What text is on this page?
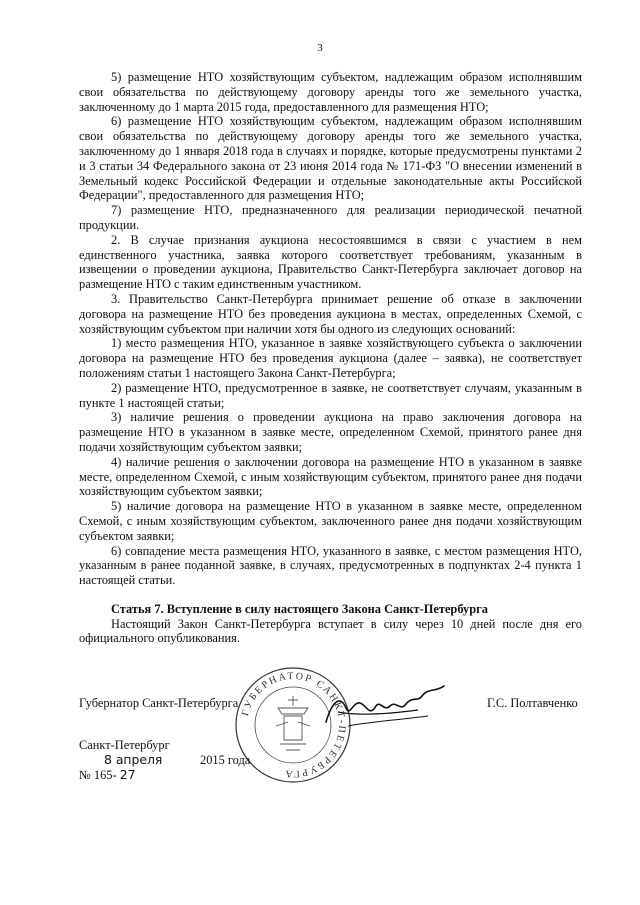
3

5) размещение НТО хозяйствующим субъектом, надлежащим образом исполнявшим свои обязательства по действующему договору аренды того же земельного участка, заключенному до 1 марта 2015 года, предоставленного для размещения НТО;

6) размещение НТО хозяйствующим субъектом, надлежащим образом исполнявшим свои обязательства по действующему договору аренды того же земельного участка, заключенному до 1 января 2018 года в случаях и порядке, которые предусмотрены пунктами 2 и 3 статьи 34 Федерального закона от 23 июня 2014 года № 171-ФЗ "О внесении изменений в Земельный кодекс Российской Федерации и отдельные законодательные акты Российской Федерации", предоставленного для размещения НТО;

7) размещение НТО, предназначенного для реализации периодической печатной продукции.

2. В случае признания аукциона несостоявшимся в связи с участием в нем единственного участника, заявка которого соответствует требованиям, указанным в извещении о проведении аукциона, Правительство Санкт-Петербурга заключает договор на размещение НТО с таким единственным участником.

3. Правительство Санкт-Петербурга принимает решение об отказе в заключении договора на размещение НТО без проведения аукциона в местах, определенных Схемой, с хозяйствующим субъектом при наличии хотя бы одного из следующих оснований:

1) место размещения НТО, указанное в заявке хозяйствующего субъекта о заключении договора на размещение НТО без проведения аукциона (далее – заявка), не соответствует положениям статьи 1 настоящего Закона Санкт-Петербурга;

2) размещение НТО, предусмотренное в заявке, не соответствует случаям, указанным в пункте 1 настоящей статьи;

3) наличие решения о проведении аукциона на право заключения договора на размещение НТО в указанном в заявке месте, определенном Схемой, принятого ранее дня подачи хозяйствующим субъектом заявки;

4) наличие решения о заключении договора на размещение НТО в указанном в заявке месте, определенном Схемой, с иным хозяйствующим субъектом, принятого ранее дня подачи хозяйствующим субъектом заявки;

5) наличие договора на размещение НТО в указанном в заявке месте, определенном Схемой, с иным хозяйствующим субъектом, заключенного ранее дня подачи хозяйствующим субъектом заявки;

6) совпадение места размещения НТО, указанного в заявке, с местом размещения НТО, указанным в ранее поданной заявке, в случаях, предусмотренных в подпунктах 2-4 пункта 1 настоящей статьи.

Статья 7. Вступление в силу настоящего Закона Санкт-Петербурга

Настоящий Закон Санкт-Петербурга вступает в силу через 10 дней после дня его официального опубликования.

ГУБЕРНАТОР САНКТ-ПЕТЕРБУРГА
Губернатор Санкт-Петербурга	Г.С. Полтавченко
Санкт-Петербург
8 апреля	2015 года
№ 165- 27
